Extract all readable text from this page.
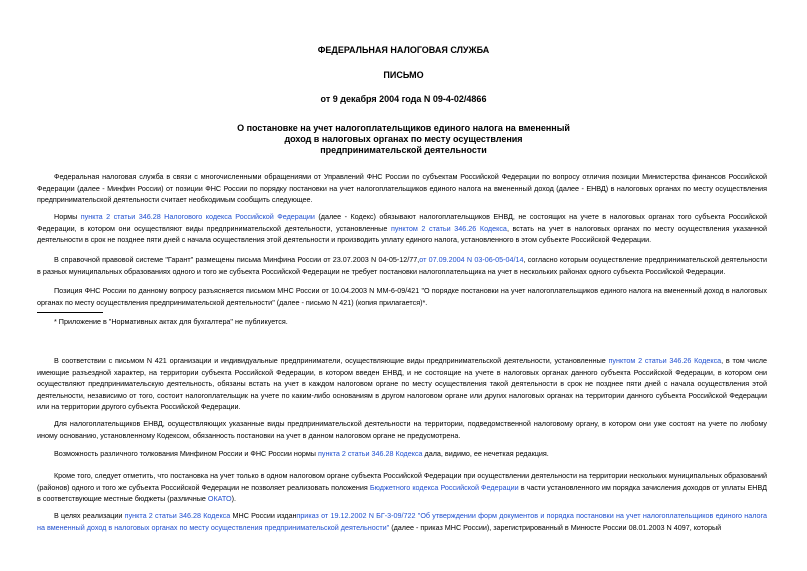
ФЕДЕРАЛЬНАЯ НАЛОГОВАЯ СЛУЖБА
ПИСЬМО
от 9 декабря 2004 года N 09-4-02/4866
О постановке на учет налогоплательщиков единого налога на вмененный
доход в налоговых органах по месту осуществления
предпринимательской деятельности
Федеральная налоговая служба в связи с многочисленными обращениями от Управлений ФНС России по субъектам Российской Федерации по вопросу отличия позиции Министерства финансов Российской Федерации (далее - Минфин России) от позиции ФНС России по порядку постановки на учет налогоплательщиков единого налога на вмененный доход (далее - ЕНВД) в налоговых органах по месту осуществления предпринимательской деятельности считает необходимым сообщить следующее.
Нормы пункта 2 статьи 346.28 Налогового кодекса Российской Федерации (далее - Кодекс) обязывают налогоплательщиков ЕНВД, не состоящих на учете в налоговых органах того субъекта Российской Федерации, в котором они осуществляют виды предпринимательской деятельности, установленные пунктом 2 статьи 346.26 Кодекса, встать на учет в налоговых органах по месту осуществления указанной деятельности в срок не позднее пяти дней с начала осуществления этой деятельности и производить уплату единого налога, установленного в этом субъекте Российской Федерации.
В справочной правовой системе "Гарант" размещены письма Минфина России от 23.07.2003 N 04-05-12/77,от 07.09.2004 N 03-06-05-04/14, согласно которым осуществление предпринимательской деятельности в разных муниципальных образованиях одного и того же субъекта Российской Федерации не требует постановки налогоплательщика на учет в нескольких районах одного субъекта Российской Федерации.
Позиция ФНС России по данному вопросу разъясняется письмом МНС России от 10.04.2003 N ММ-6-09/421 "О порядке постановки на учет налогоплательщиков единого налога на вмененный доход в налоговых органах по месту осуществления предпринимательской деятельности" (далее - письмо N 421) (копия прилагается)*.
* Приложение в "Нормативных актах для бухгалтера" не публикуется.
В соответствии с письмом N 421 организации и индивидуальные предприниматели, осуществляющие виды предпринимательской деятельности, установленные пунктом 2 статьи 346.26 Кодекса, в том числе имеющие разъездной характер, на территории субъекта Российской Федерации, в котором введен ЕНВД, и не состоящие на учете в налоговых органах данного субъекта Российской Федерации, в котором они осуществляют предпринимательскую деятельность, обязаны встать на учет в каждом налоговом органе по месту осуществления такой деятельности в срок не позднее пяти дней с начала осуществления этой деятельности, независимо от того, состоит налогоплательщик на учете по каким-либо основаниям в другом налоговом органе или других налоговых органах на территории данного субъекта Российской Федерации или на территории другого субъекта Российской Федерации.
Для налогоплательщиков ЕНВД, осуществляющих указанные виды предпринимательской деятельности на территории, подведомственной налоговому органу, в котором они уже состоят на учете по любому иному основанию, установленному Кодексом, обязанность постановки на учет в данном налоговом органе не предусмотрена.
Возможность различного толкования Минфином России и ФНС России нормы пункта 2 статьи 346.28 Кодекса дала, видимо, ее нечеткая редакция.
Кроме того, следует отметить, что постановка на учет только в одном налоговом органе субъекта Российской Федерации при осуществлении деятельности на территории нескольких муниципальных образований (районов) одного и того же субъекта Российской Федерации не позволяет реализовать положения Бюджетного кодекса Российской Федерации в части установленного им порядка зачисления доходов от уплаты ЕНВД в соответствующие местные бюджеты (различные ОКАТО).
В целях реализации пункта 2 статьи 346.28 Кодекса МНС России изданприказ от 19.12.2002 N БГ-3-09/722 "Об утверждении форм документов и порядка постановки на учет налогоплательщиков единого налога на вмененный доход в налоговых органах по месту осуществления предпринимательской деятельности" (далее - приказ МНС России), зарегистрированный в Минюсте России 08.01.2003 N 4097, который
